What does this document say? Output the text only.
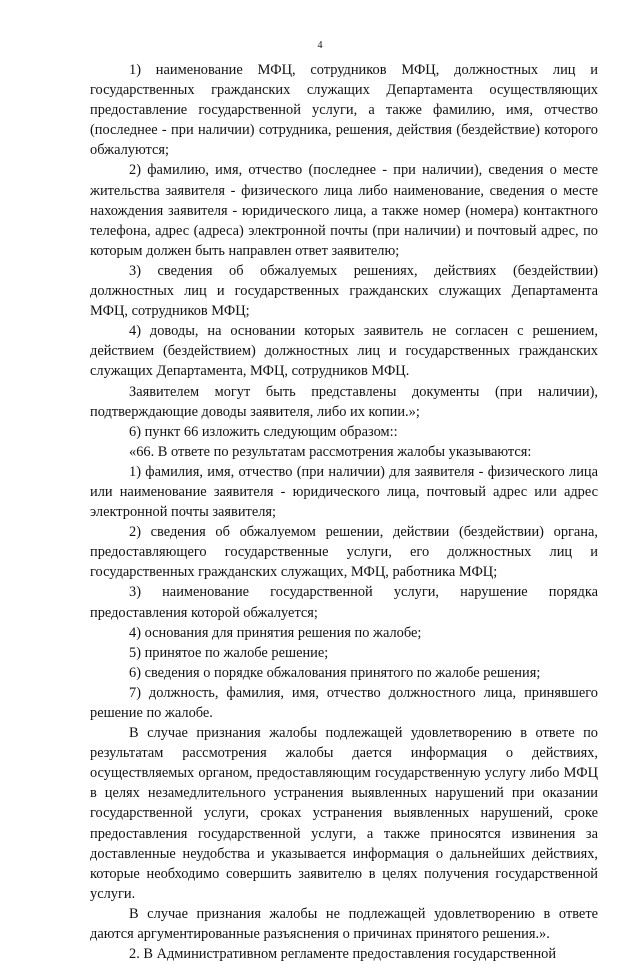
4

1) наименование МФЦ, сотрудников МФЦ, должностных лиц и государственных гражданских служащих Департамента осуществляющих предоставление государственной услуги, а также фамилию, имя, отчество (последнее - при наличии) сотрудника, решения, действия (бездействие) которого обжалуются;

2) фамилию, имя, отчество (последнее - при наличии), сведения о месте жительства заявителя - физического лица либо наименование, сведения о месте нахождения заявителя - юридического лица, а также номер (номера) контактного телефона, адрес (адреса) электронной почты (при наличии) и почтовый адрес, по которым должен быть направлен ответ заявителю;

3) сведения об обжалуемых решениях, действиях (бездействии) должностных лиц и государственных гражданских служащих Департамента МФЦ, сотрудников МФЦ;

4) доводы, на основании которых заявитель не согласен с решением, действием (бездействием) должностных лиц и государственных гражданских служащих Департамента, МФЦ, сотрудников МФЦ.

Заявителем могут быть представлены документы (при наличии), подтверждающие доводы заявителя, либо их копии.»;

6) пункт 66 изложить следующим образом::

«66. В ответе по результатам рассмотрения жалобы указываются:

1) фамилия, имя, отчество (при наличии) для заявителя - физического лица или наименование заявителя - юридического лица, почтовый адрес или адрес электронной почты заявителя;

2) сведения об обжалуемом решении, действии (бездействии) органа, предоставляющего государственные услуги, его должностных лиц и государственных гражданских служащих, МФЦ, работника МФЦ;

3) наименование государственной услуги, нарушение порядка предоставления которой обжалуется;

4) основания для принятия решения по жалобе;

5) принятое по жалобе решение;

6) сведения о порядке обжалования принятого по жалобе решения;

7) должность, фамилия, имя, отчество должностного лица, принявшего решение по жалобе.

В случае признания жалобы подлежащей удовлетворению в ответе по результатам рассмотрения жалобы дается информация о действиях, осуществляемых органом, предоставляющим государственную услугу либо МФЦ в целях незамедлительного устранения выявленных нарушений при оказании государственной услуги, сроках устранения выявленных нарушений, сроке предоставления государственной услуги, а также приносятся извинения за доставленные неудобства и указывается информация о дальнейших действиях, которые необходимо совершить заявителю в целях получения государственной услуги.

В случае признания жалобы не подлежащей удовлетворению в ответе даются аргументированные разъяснения о причинах принятого решения.».

2. В Административном регламенте предоставления государственной
